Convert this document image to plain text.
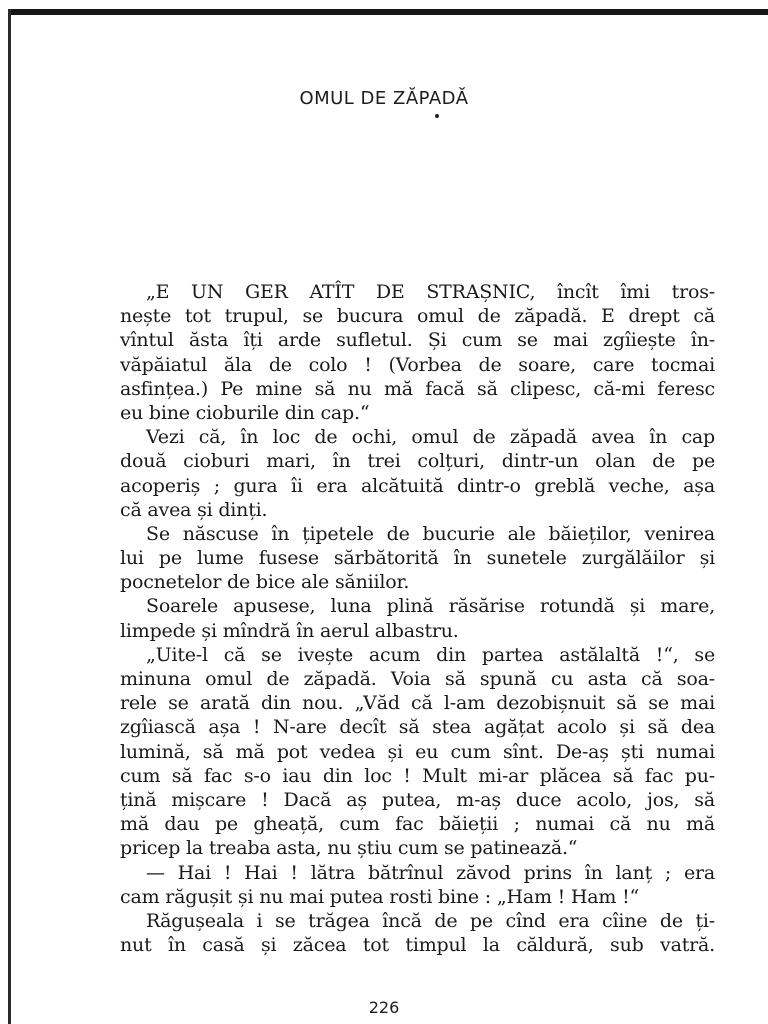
OMUL DE ZĂPADĂ
„E UN GER ATÎT DE STRAȘNIC, încît îmi tros-
nește tot trupul, se bucura omul de zăpadă. E drept că
vîntul ăsta îți arde sufletul. Și cum se mai zgîiește în-
văpăiatul ăla de colo ! (Vorbea de soare, care tocmai
asfințea.) Pe mine să nu mă facă să clipesc, că-mi feresc
eu bine cioburile din cap.“
Vezi că, în loc de ochi, omul de zăpadă avea în cap
două cioburi mari, în trei colțuri, dintr-un olan de pe
acoperiș ; gura îi era alcătuită dintr-o greblă veche, așa
că avea și dinți.
Se născuse în țipetele de bucurie ale băieților, venirea
lui pe lume fusese sărbătorită în sunetele zurgălăilor și
pocnetelor de bice ale săniilor.
Soarele apusese, luna plină răsărise rotundă și mare,
limpede și mîndră în aerul albastru.
„Uite-l că se ivește acum din partea astălaltă !“, se
minuna omul de zăpadă. Voia să spună cu asta că soa-
rele se arată din nou. „Văd că l-am dezobișnuit să se mai
zgîiască așa ! N-are decît să stea agățat acolo și să dea
lumină, să mă pot vedea și eu cum sînt. De-aș ști numai
cum să fac s-o iau din loc ! Mult mi-ar plăcea să fac pu-
țină mișcare ! Dacă aș putea, m-aș duce acolo, jos, să
mă dau pe gheață, cum fac băieții ; numai că nu mă
pricep la treaba asta, nu știu cum se patinează.“
— Hai ! Hai ! lătra bătrînul zăvod prins în lanț ; era
cam răgușit și nu mai putea rosti bine : „Ham ! Ham !“
Răgușeala i se trăgea încă de pe cînd era cîine de ți-
nut în casă și zăcea tot timpul la căldură, sub vatră.
226
